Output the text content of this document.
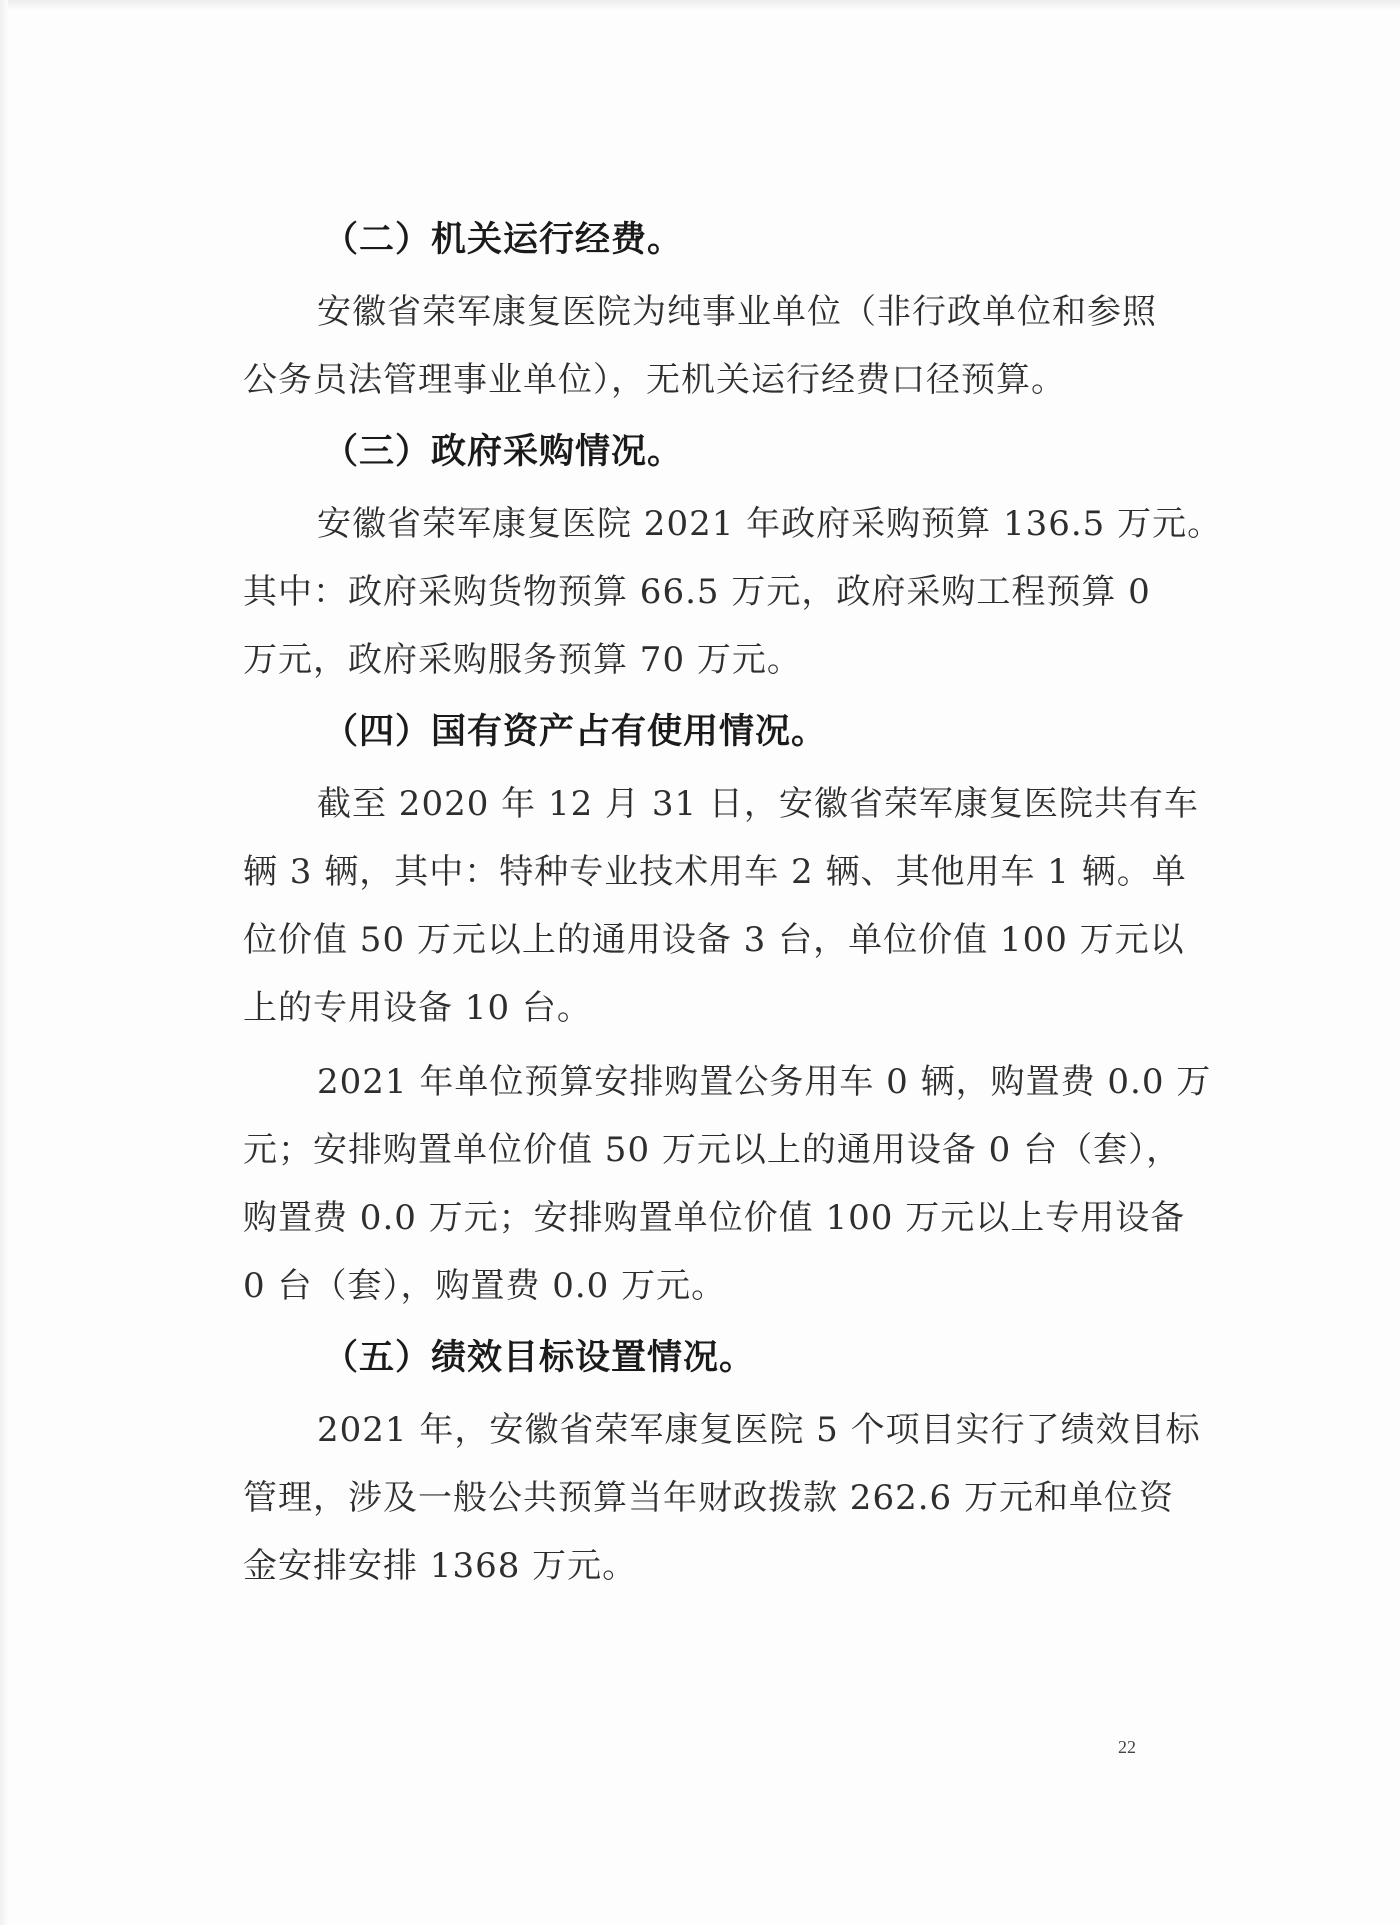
（二）机关运行经费。
安徽省荣军康复医院为纯事业单位（非行政单位和参照
公务员法管理事业单位），无机关运行经费口径预算。
（三）政府采购情况。
安徽省荣军康复医院 2021 年政府采购预算 136.5 万元。
其中：政府采购货物预算 66.5 万元，政府采购工程预算 0
万元，政府采购服务预算 70 万元。
（四）国有资产占有使用情况。
截至 2020 年 12 月 31 日，安徽省荣军康复医院共有车
辆 3 辆，其中：特种专业技术用车 2 辆、其他用车 1 辆。单
位价值 50 万元以上的通用设备 3 台，单位价值 100 万元以
上的专用设备 10 台。
2021 年单位预算安排购置公务用车 0 辆，购置费 0.0 万
元；安排购置单位价值 50 万元以上的通用设备 0 台（套），
购置费 0.0 万元；安排购置单位价值 100 万元以上专用设备
0 台（套），购置费 0.0 万元。
（五）绩效目标设置情况。
2021 年，安徽省荣军康复医院 5 个项目实行了绩效目标
管理，涉及一般公共预算当年财政拨款 262.6 万元和单位资
金安排安排 1368 万元。
22
